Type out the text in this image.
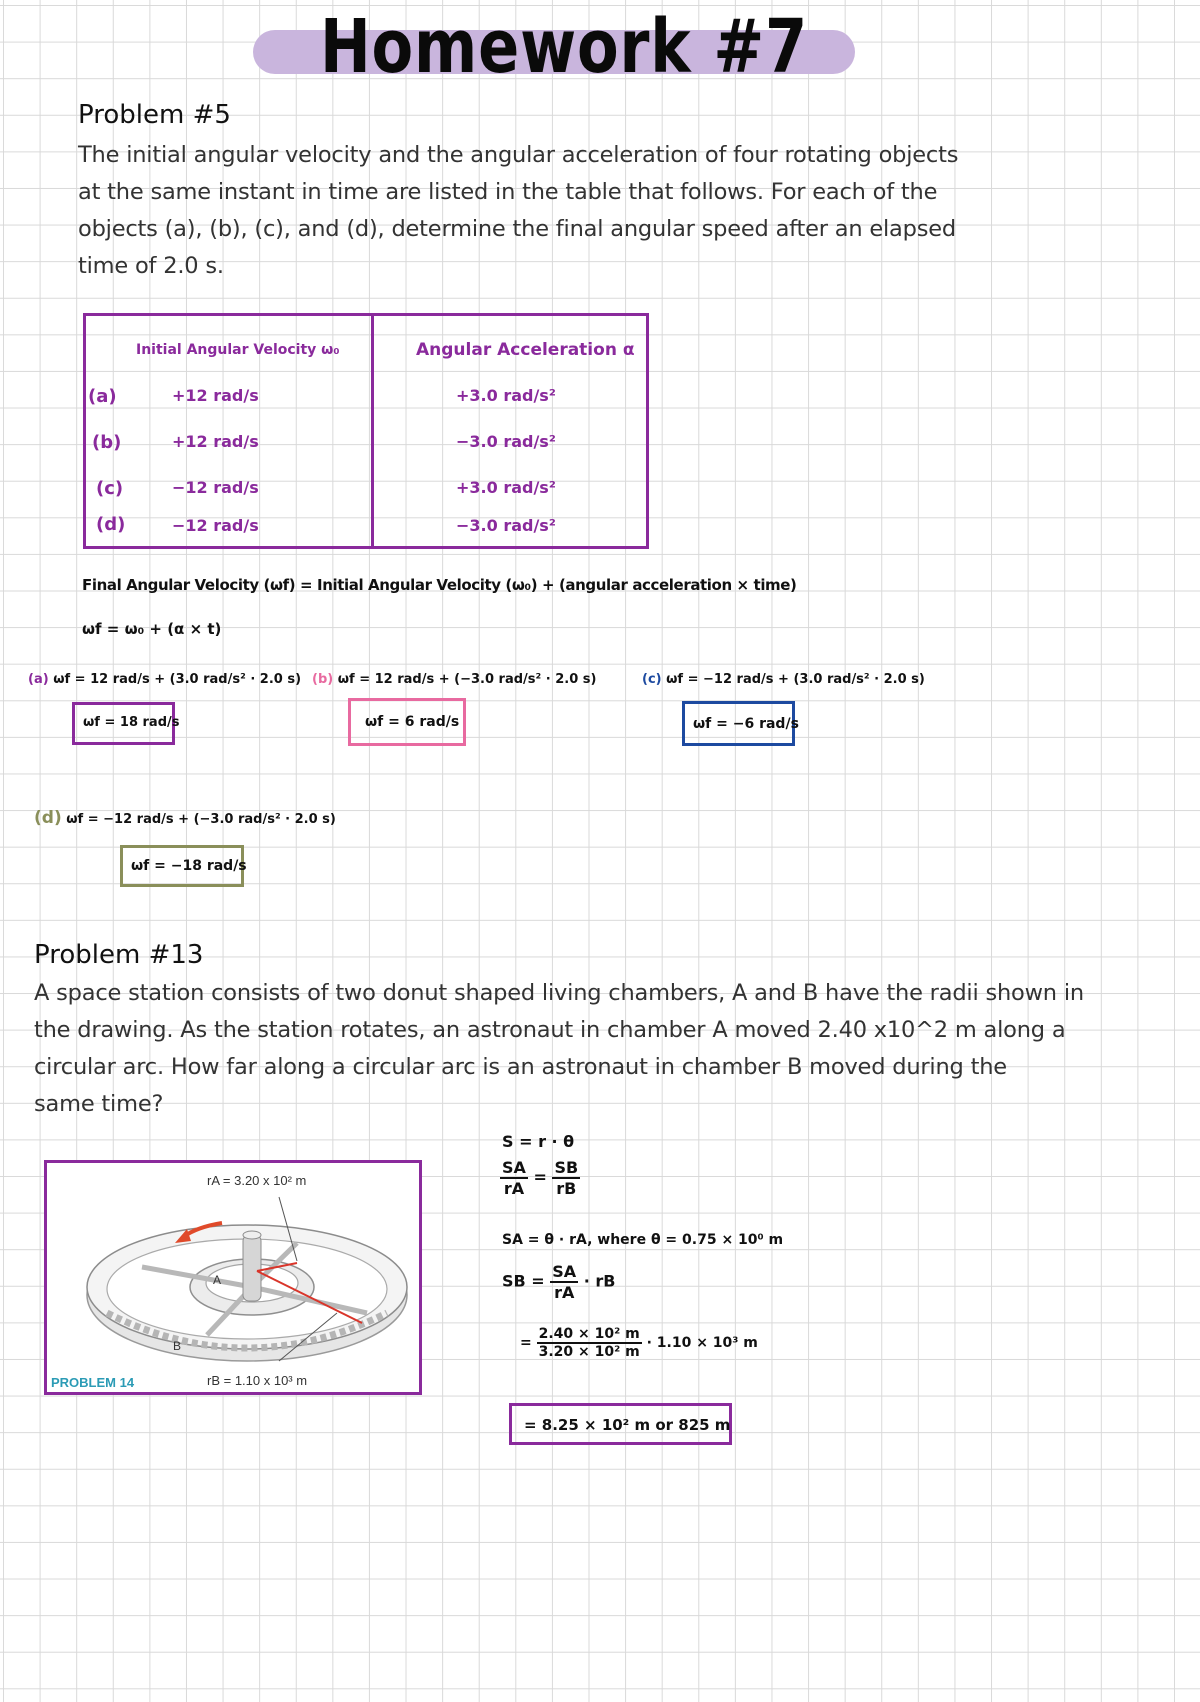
Homework #7
Problem #5
The initial angular velocity and the angular acceleration of four rotating objects
at the same instant in time are listed in the table that follows. For each of the
objects (a), (b), (c), and (d), determine the final angular speed after an elapsed
time of 2.0 s.
Initial Angular Velocity ω₀	Angular Acceleration α
(a)	+12 rad/s	+3.0 rad/s²
(b)	+12 rad/s	−3.0 rad/s²
(c)	−12 rad/s	+3.0 rad/s²
(d)	−12 rad/s	−3.0 rad/s²
Final Angular Velocity (ωf) = Initial Angular Velocity (ω₀) + (angular acceleration × time)
ωf = ω₀ + (α × t)
(a) ωf = 12 rad/s + (3.0 rad/s² · 2.0 s)
ωf = 18 rad/s
(b) ωf = 12 rad/s + (−3.0 rad/s² · 2.0 s)
ωf = 6 rad/s
(c) ωf = −12 rad/s + (3.0 rad/s² · 2.0 s)
ωf = −6 rad/s
(d) ωf = −12 rad/s + (−3.0 rad/s² · 2.0 s)
ωf = −18 rad/s
Problem #13
A space station consists of two donut shaped living chambers, A and B have the radii shown in
the drawing. As the station rotates, an astronaut in chamber A moved 2.40 x10^2 m along a
circular arc. How far along a circular arc is an astronaut in chamber B moved during the
same time?
rA = 3.20 x 10² m
rB = 1.10 x 10³ m
A
B
PROBLEM 14
S = r · θ
$\frac{SA}{rA} = \frac{SB}{rB}$
SA = θ · rA, where θ = 0.75 × 10⁰ m
SB = $\frac{SA}{rA}$ · rB
= $\frac{\text{2.40 × 10² m}}{\text{3.20 × 10² m}} \cdot 1.10 \times 10^3$ m
= 8.25 × 10² m or 825 m
